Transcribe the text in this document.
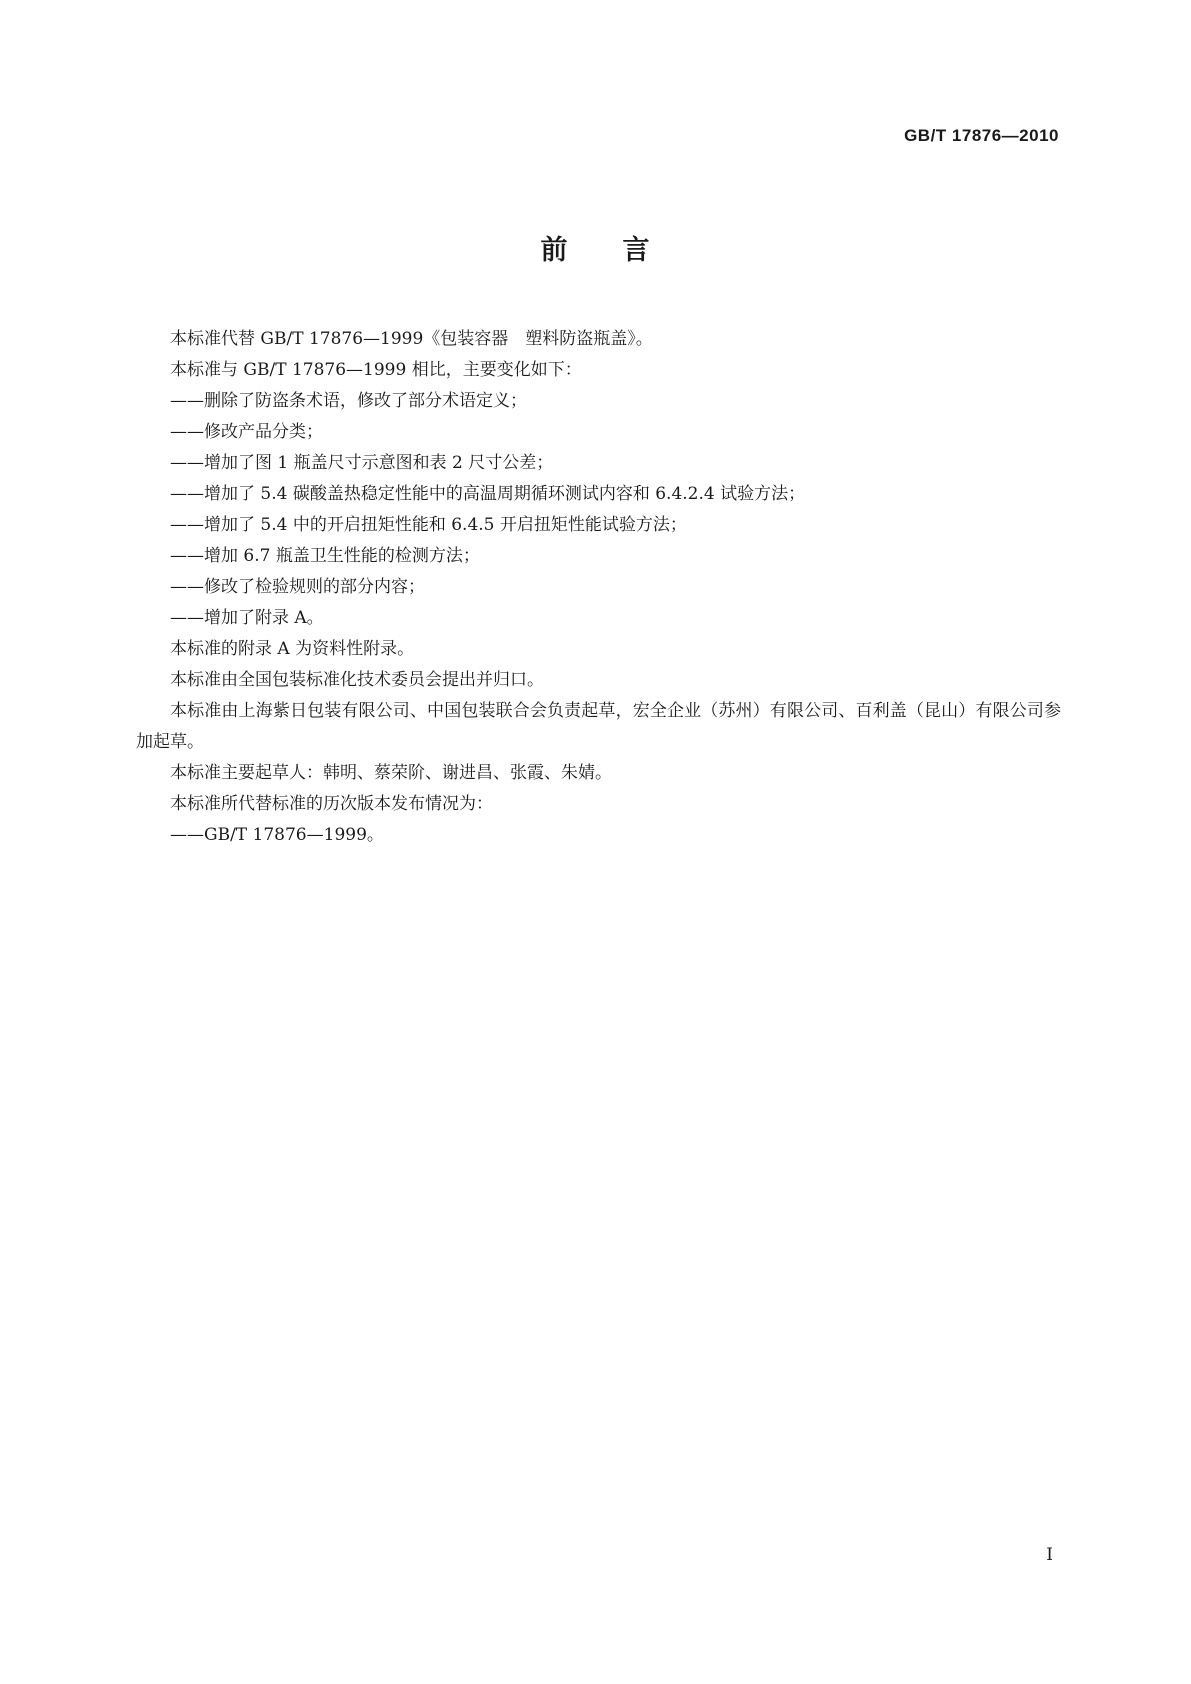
GB/T 17876—2010
前 言

本标准代替 GB/T 17876—1999《包装容器　塑料防盗瓶盖》。

本标准与 GB/T 17876—1999 相比，主要变化如下：

——删除了防盗条术语，修改了部分术语定义；

——修改产品分类；

——增加了图 1 瓶盖尺寸示意图和表 2 尺寸公差；

——增加了 5.4 碳酸盖热稳定性能中的高温周期循环测试内容和 6.4.2.4 试验方法；

——增加了 5.4 中的开启扭矩性能和 6.4.5 开启扭矩性能试验方法；

——增加 6.7 瓶盖卫生性能的检测方法；

——修改了检验规则的部分内容；

——增加了附录 A。

本标准的附录 A 为资料性附录。

本标准由全国包装标准化技术委员会提出并归口。

本标准由上海紫日包装有限公司、中国包装联合会负责起草，宏全企业（苏州）有限公司、百利盖（昆山）有限公司参加起草。

本标准主要起草人：韩明、蔡荣阶、谢进昌、张霞、朱婧。

本标准所代替标准的历次版本发布情况为：

——GB/T 17876—1999。

I
